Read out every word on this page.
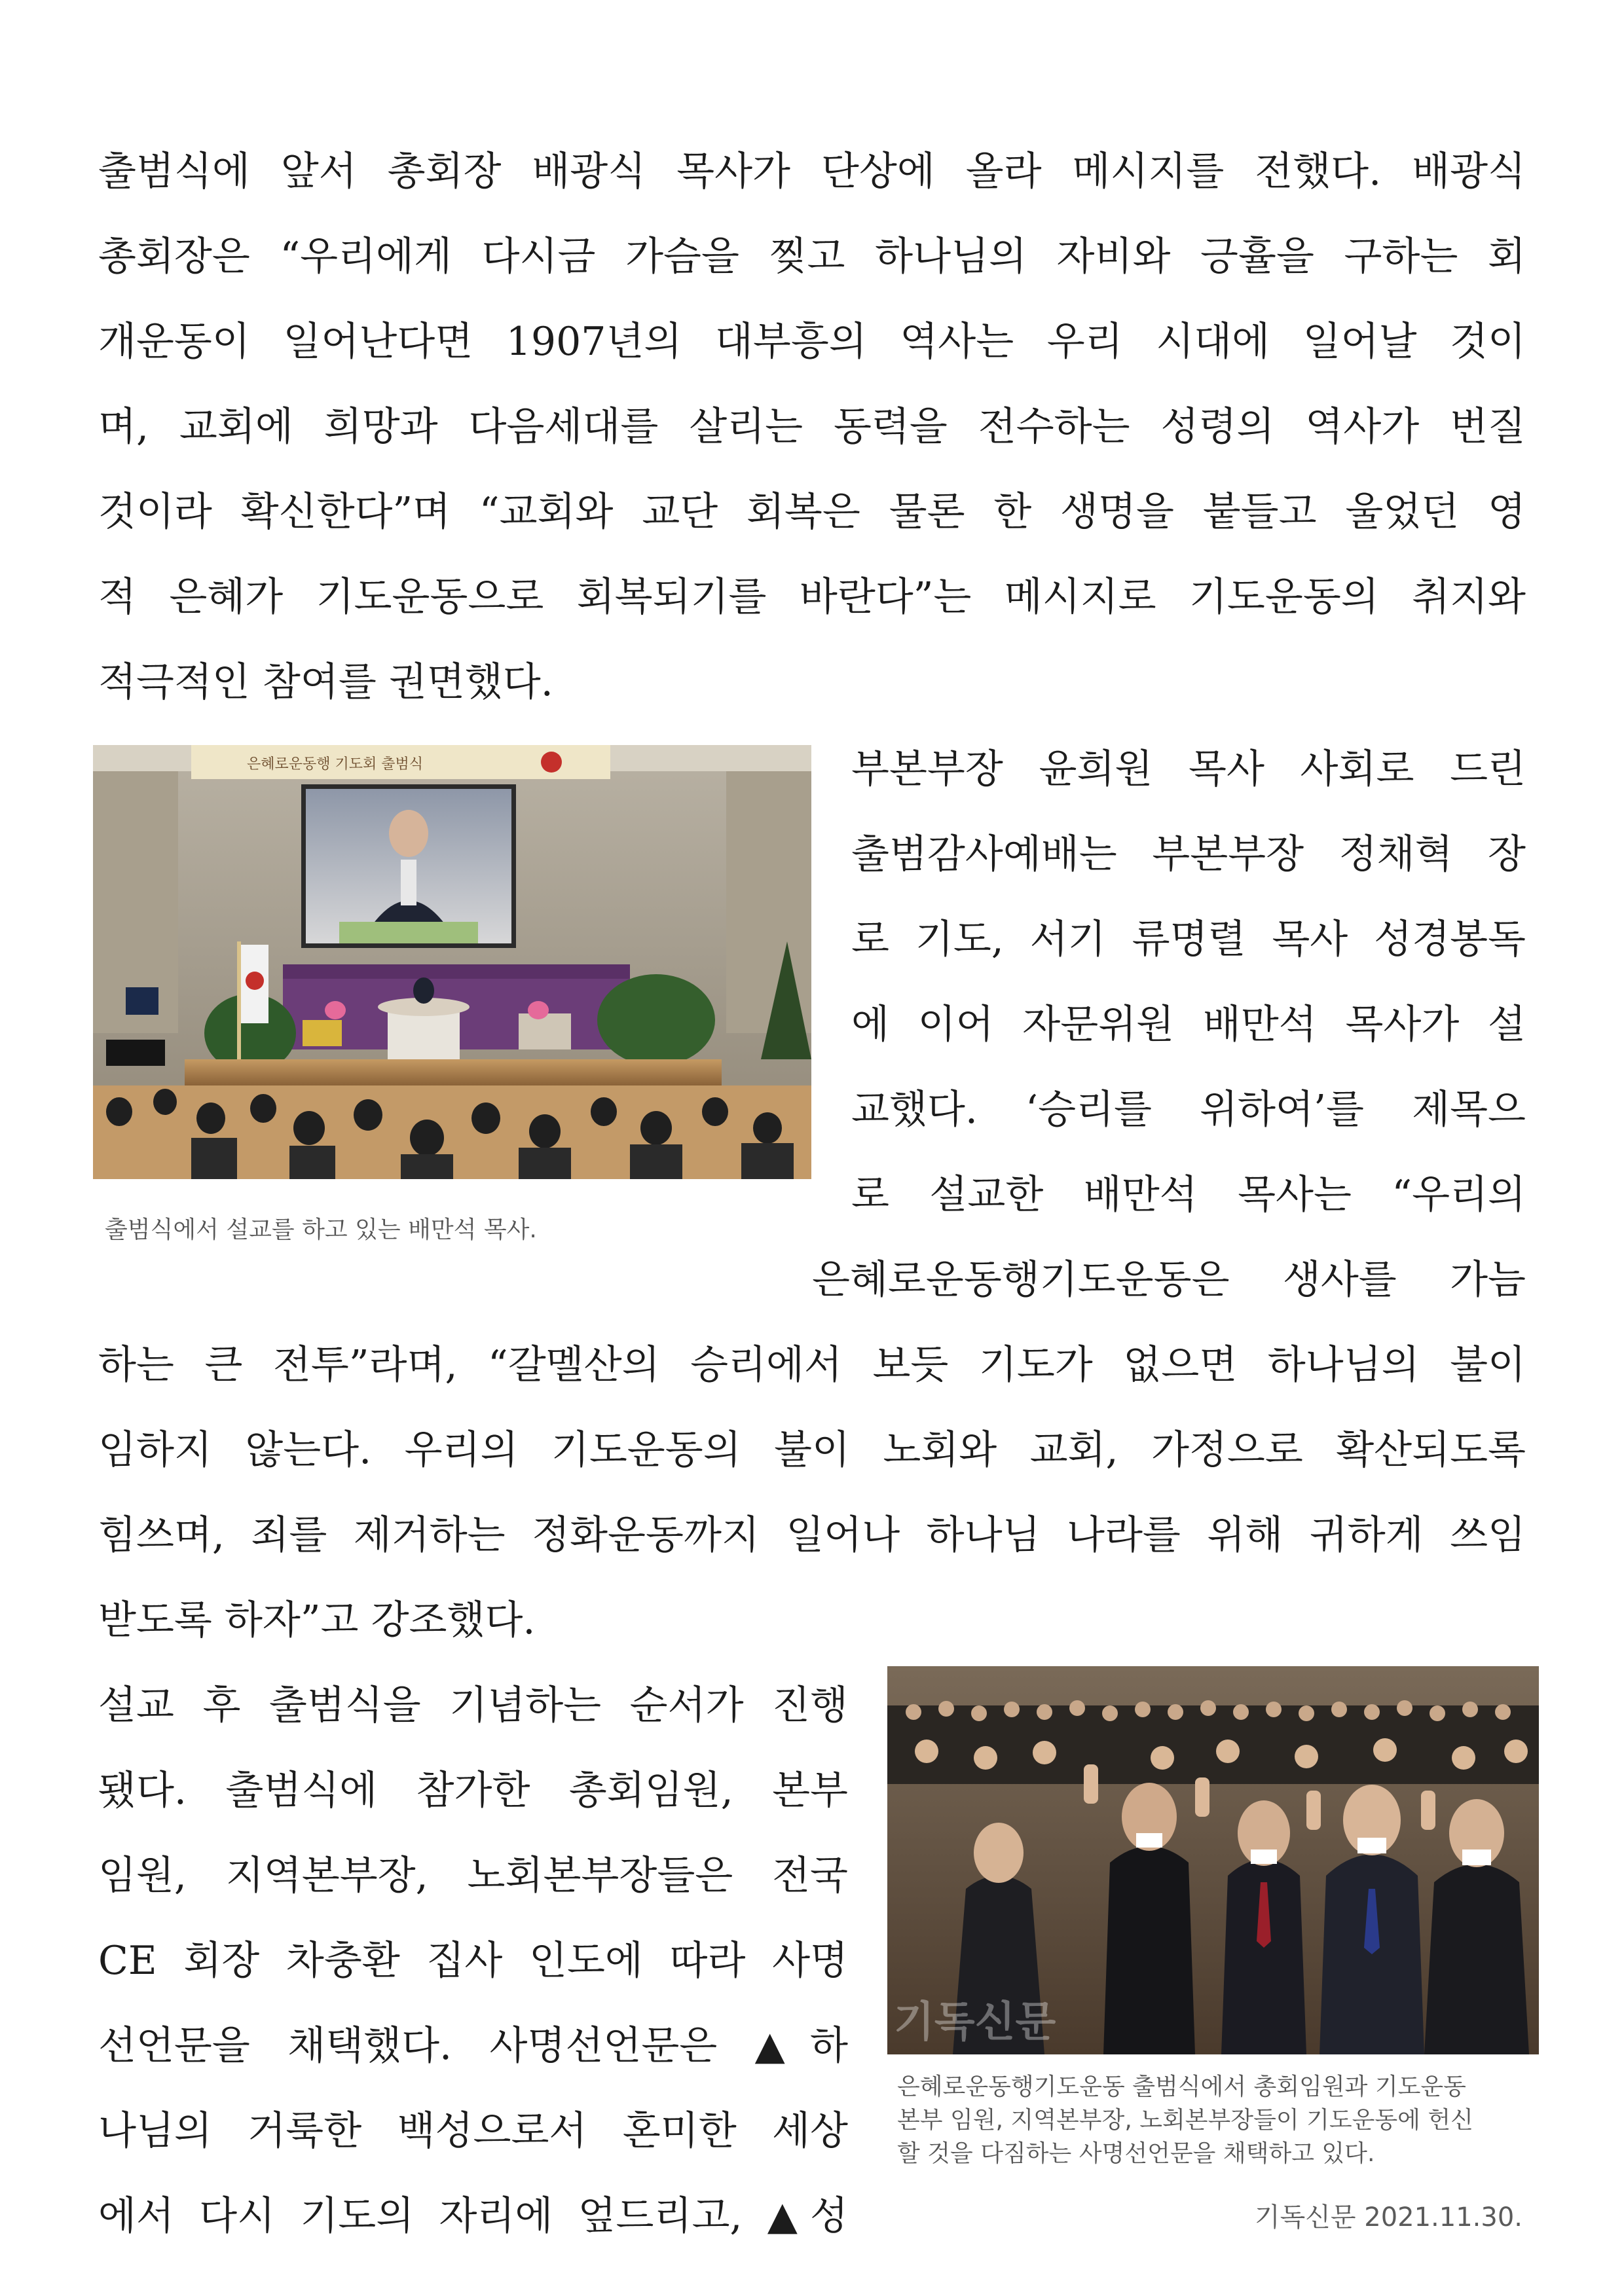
출범식에 앞서 총회장 배광식 목사가 단상에 올라 메시지를 전했다. 배광식
총회장은 “우리에게 다시금 가슴을 찢고 하나님의 자비와 긍휼을 구하는 회
개운동이 일어난다면 1907년의 대부흥의 역사는 우리 시대에 일어날 것이
며, 교회에 희망과 다음세대를 살리는 동력을 전수하는 성령의 역사가 번질
것이라 확신한다”며 “교회와 교단 회복은 물론 한 생명을 붙들고 울었던 영
적 은혜가 기도운동으로 회복되기를 바란다”는 메시지로 기도운동의 취지와
적극적인 참여를 권면했다.
은혜로운동행 기도회 출범식
출범식에서 설교를 하고 있는 배만석 목사.
부본부장 윤희원 목사 사회로 드린
출범감사예배는 부본부장 정채혁 장
로 기도, 서기 류명렬 목사 성경봉독
에 이어 자문위원 배만석 목사가 설
교했다. ‘승리를 위하여’를 제목으
로 설교한 배만석 목사는 “우리의
은혜로운동행기도운동은 생사를 가늠
하는 큰 전투”라며, “갈멜산의 승리에서 보듯 기도가 없으면 하나님의 불이
임하지 않는다. 우리의 기도운동의 불이 노회와 교회, 가정으로 확산되도록
힘쓰며, 죄를 제거하는 정화운동까지 일어나 하나님 나라를 위해 귀하게 쓰임
받도록 하자”고 강조했다.
설교 후 출범식을 기념하는 순서가 진행
됐다. 출범식에 참가한 총회임원, 본부
임원, 지역본부장, 노회본부장들은 전국
CE 회장 차충환 집사 인도에 따라 사명
선언문을 채택했다. 사명선언문은 ▲하
나님의 거룩한 백성으로서 혼미한 세상
에서 다시 기도의 자리에 엎드리고, ▲성
기독신문
은혜로운동행기도운동 출범식에서 총회임원과 기도운동
본부 임원, 지역본부장, 노회본부장들이 기도운동에 헌신
할 것을 다짐하는 사명선언문을 채택하고 있다.
기독신문 2021.11.30.
